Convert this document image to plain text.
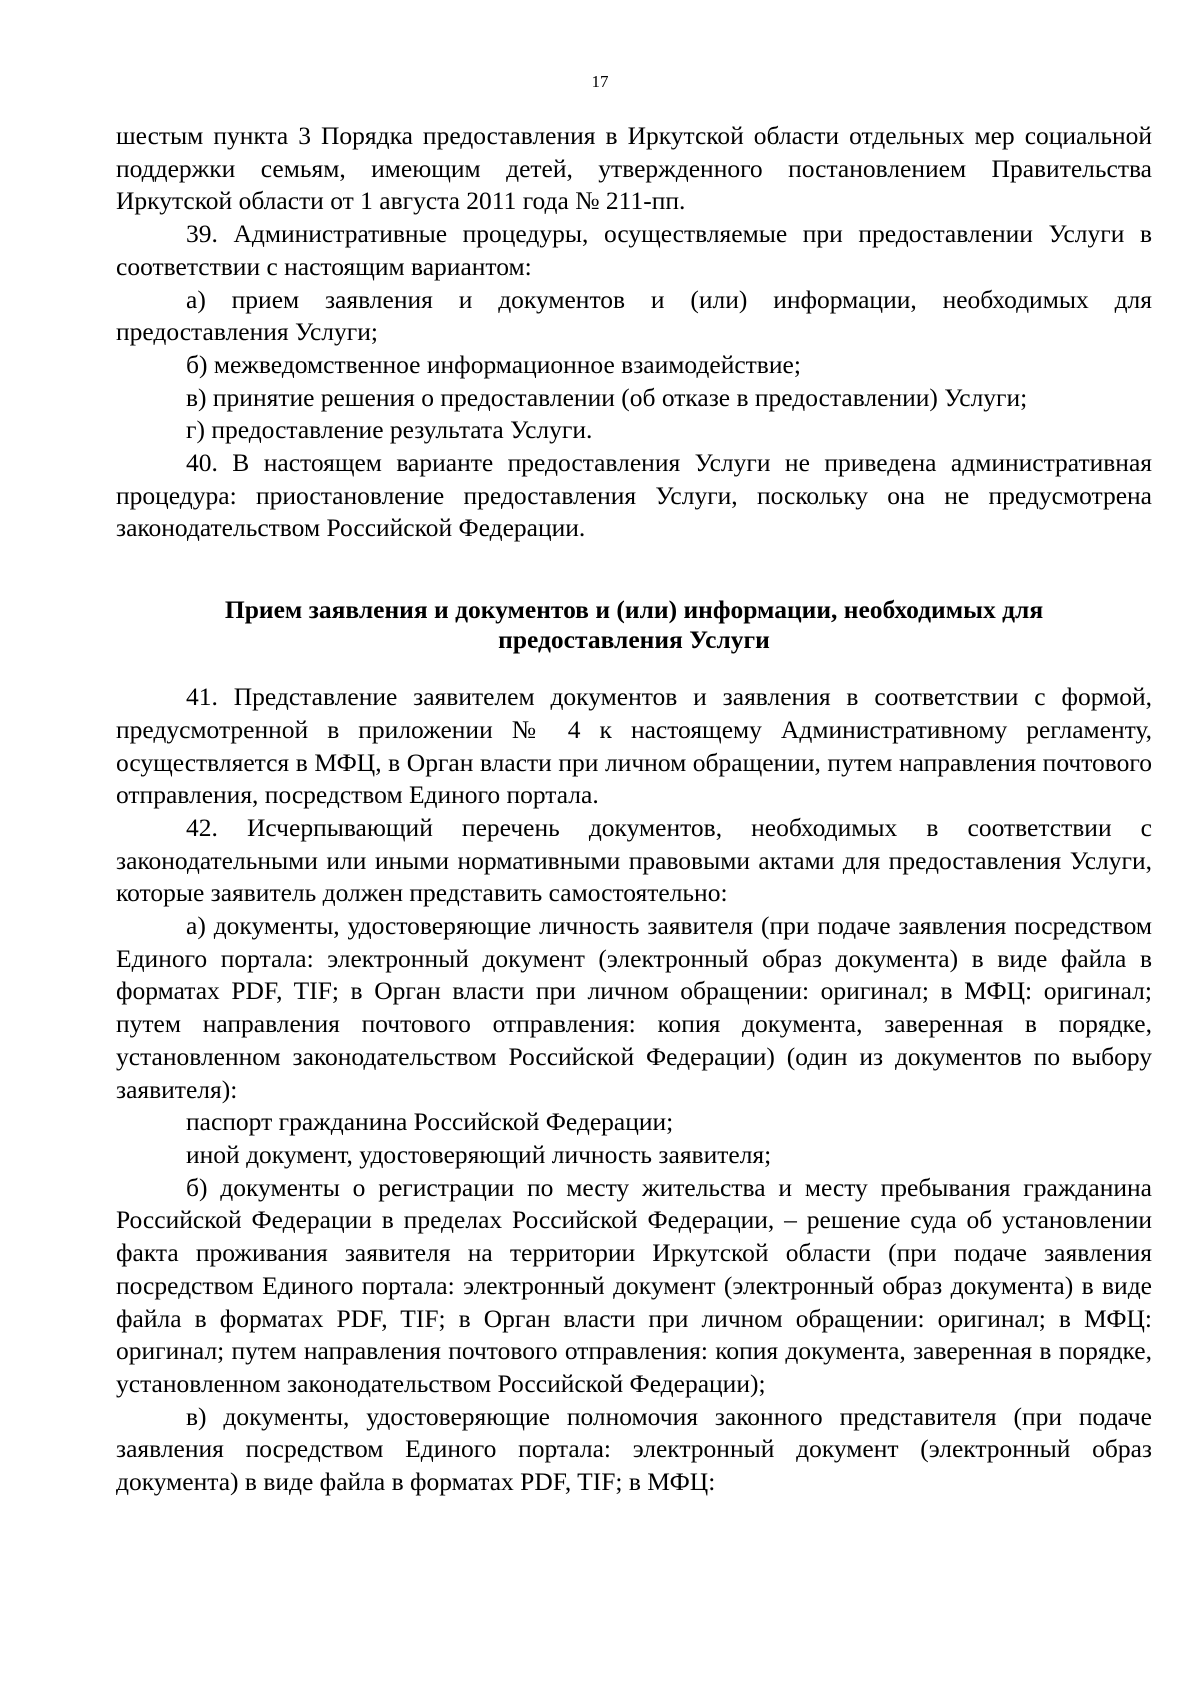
17

шестым пункта 3 Порядка предоставления в Иркутской области отдельных мер социальной поддержки семьям, имеющим детей, утвержденного постановлением Правительства Иркутской области от 1 августа 2011 года № 211-пп.

39. Административные процедуры, осуществляемые при предоставлении Услуги в соответствии с настоящим вариантом:

а) прием заявления и документов и (или) информации, необходимых для предоставления Услуги;

б) межведомственное информационное взаимодействие;

в) принятие решения о предоставлении (об отказе в предоставлении) Услуги;

г) предоставление результата Услуги.

40. В настоящем варианте предоставления Услуги не приведена административная процедура: приостановление предоставления Услуги, поскольку она не предусмотрена законодательством Российской Федерации.

Прием заявления и документов и (или) информации, необходимых для
предоставления Услуги

41. Представление заявителем документов и заявления в соответствии с формой, предусмотренной в приложении № 4 к настоящему Административному регламенту, осуществляется в МФЦ, в Орган власти при личном обращении, путем направления почтового отправления, посредством Единого портала.

42. Исчерпывающий перечень документов, необходимых в соответствии с законодательными или иными нормативными правовыми актами для предоставления Услуги, которые заявитель должен представить самостоятельно:

а) документы, удостоверяющие личность заявителя (при подаче заявления посредством Единого портала: электронный документ (электронный образ документа) в виде файла в форматах PDF, TIF; в Орган власти при личном обращении: оригинал; в МФЦ: оригинал; путем направления почтового отправления: копия документа, заверенная в порядке, установленном законодательством Российской Федерации) (один из документов по выбору заявителя):

паспорт гражданина Российской Федерации;

иной документ, удостоверяющий личность заявителя;

б) документы о регистрации по месту жительства и месту пребывания гражданина Российской Федерации в пределах Российской Федерации, – решение суда об установлении факта проживания заявителя на территории Иркутской области (при подаче заявления посредством Единого портала: электронный документ (электронный образ документа) в виде файла в форматах PDF, TIF; в Орган власти при личном обращении: оригинал; в МФЦ: оригинал; путем направления почтового отправления: копия документа, заверенная в порядке, установленном законодательством Российской Федерации);

в) документы, удостоверяющие полномочия законного представителя (при подаче заявления посредством Единого портала: электронный документ (электронный образ документа) в виде файла в форматах PDF, TIF; в МФЦ:
